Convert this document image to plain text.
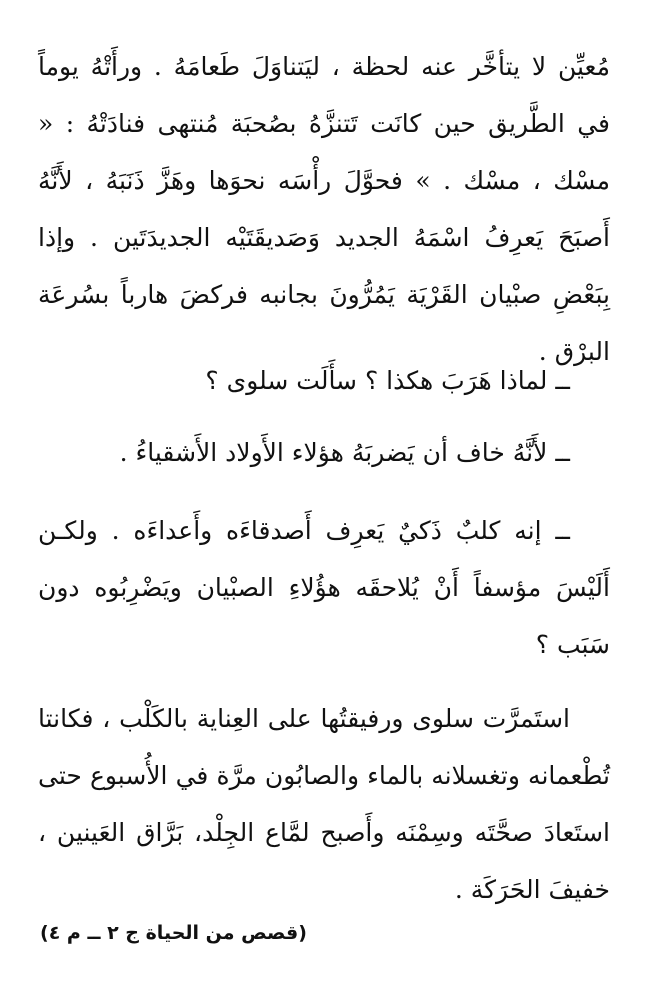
مُعيِّن لا يتأخَّر عنه لحظة ، ليَتناوَلَ طَعامَهُ . ورأَتْهُ يوماً في الطَّريق حين كانَت تَتنزَّهُ بصُحبَة مُنتهى فنادَتْهُ : « مسْك ، مسْك . » فحوَّلَ رأْسَه نحوَها وهَزَّ ذَنَبَهُ ، لأَنَّهُ أَصبَحَ يَعرِفُ اسْمَهُ الجديد وَصَديقَتَيْه الجديدَتَين . وإذا بِبَعْضِ صبْيان القَرْيَة يَمُرُّونَ بجانبه فركضَ هارباً بسُرعَة البرْق .

ــ لماذا هَرَبَ هكذا ؟ سأَلَت سلوى ؟

ــ لأَنَّهُ خاف أن يَضربَهُ هؤلاء الأَولاد الأَشقياءُ .

ــ إنه كلبٌ ذَكيٌ يَعرِف أَصدقاءَه وأَعداءَه . ولكـن أَلَيْسَ مؤسفاً أَنْ يُلاحقَه هؤُلاءِ الصبْيان ويَضْرِبُوه دون سَبَب ؟

استَمرَّت سلوى ورفيقتُها على العِناية بالكَلْب ، فكانتا تُطْعمانه وتغسلانه بالماء والصابُون مرَّة في الأُسبوع حتى استَعادَ صحَّتَه وسِمْنَه وأَصبح لمَّاع الجِلْد، بَرَّاق العَينين ، خفيفَ الحَرَكَة .

(قصص من الحياة ج ٢ ــ م ٤)
